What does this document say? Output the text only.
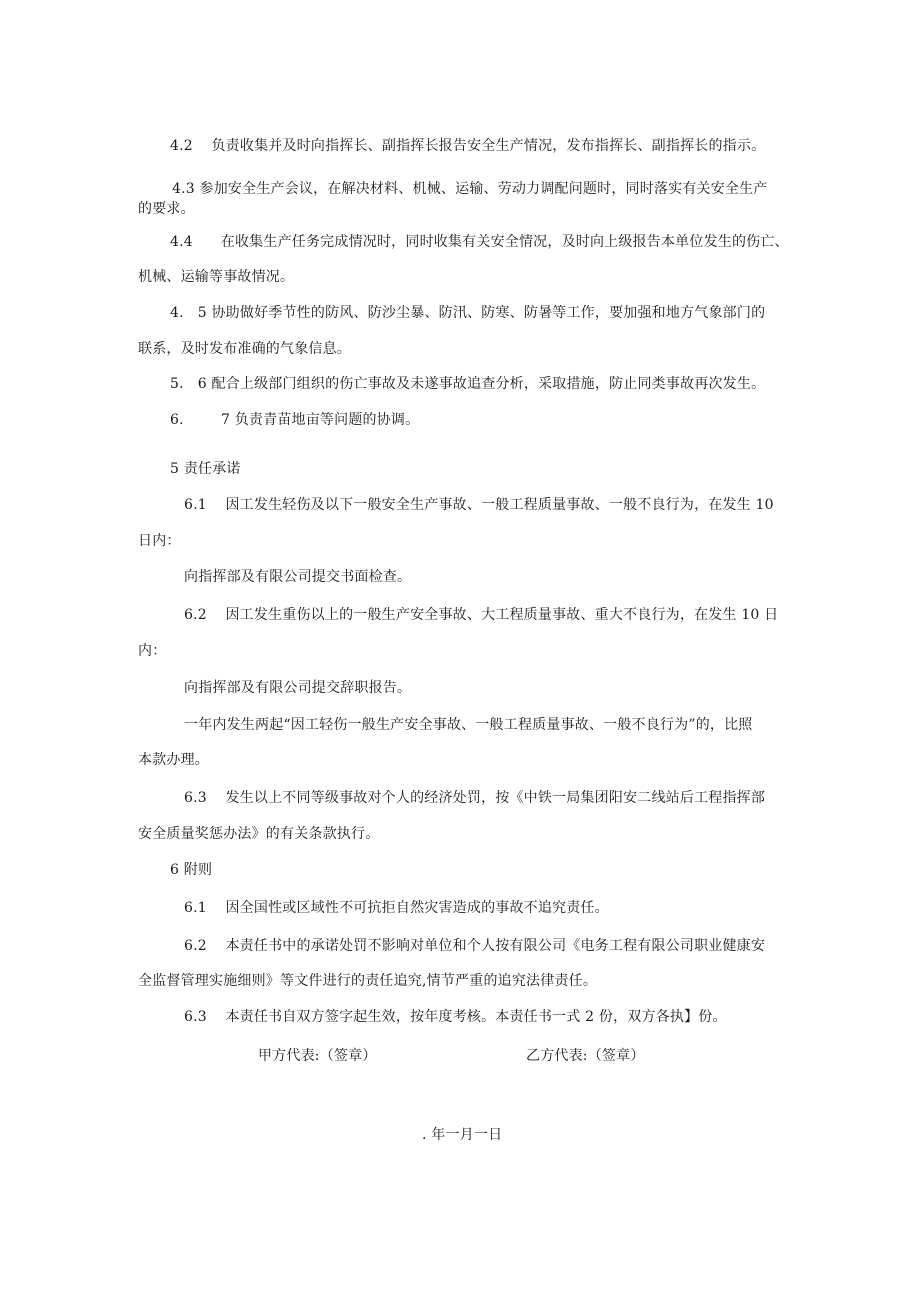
4.2    负责收集并及时向指挥长、副指挥长报告安全生产情况，发布指挥长、副指挥长的指示。
4.3 参加安全生产会议，在解决材料、机械、运输、劳动力调配问题时，同时落实有关安全生产
的要求。
4.4      在收集生产任务完成情况时，同时收集有关安全情况，及时向上级报告本单位发生的伤亡、
机械、运输等事故情况。
4.   5 协助做好季节性的防风、防沙尘暴、防汛、防寒、防暑等工作，要加强和地方气象部门的
联系，及时发布准确的气象信息。
5.   6 配合上级部门组织的伤亡事故及未遂事故追查分析，采取措施，防止同类事故再次发生。
6.        7 负责青苗地亩等问题的协调。
5 责任承诺
6.1    因工发生轻伤及以下一般安全生产事故、一般工程质量事故、一般不良行为，在发生 10
日内：
向指挥部及有限公司提交书面检查。
6.2    因工发生重伤以上的一般生产安全事故、大工程质量事故、重大不良行为，在发生 10 日
内：
向指挥部及有限公司提交辞职报告。
一年内发生两起“因工轻伤一般生产安全事故、一般工程质量事故、一般不良行为”的，比照
本款办理。
6.3    发生以上不同等级事故对个人的经济处罚，按《中铁一局集团阳安二线站后工程指挥部
安全质量奖惩办法》的有关条款执行。
6 附则
6.1    因全国性或区域性不可抗拒自然灾害造成的事故不追究责任。
6.2    本责任书中的承诺处罚不影响对单位和个人按有限公司《电务工程有限公司职业健康安
全监督管理实施细则》等文件进行的责任追究,情节严重的追究法律责任。
6.3    本责任书自双方签字起生效，按年度考核。本责任书一式 2 份，双方各执】份。
甲方代表:（签章）	乙方代表:（签章）
. 年一月一日
